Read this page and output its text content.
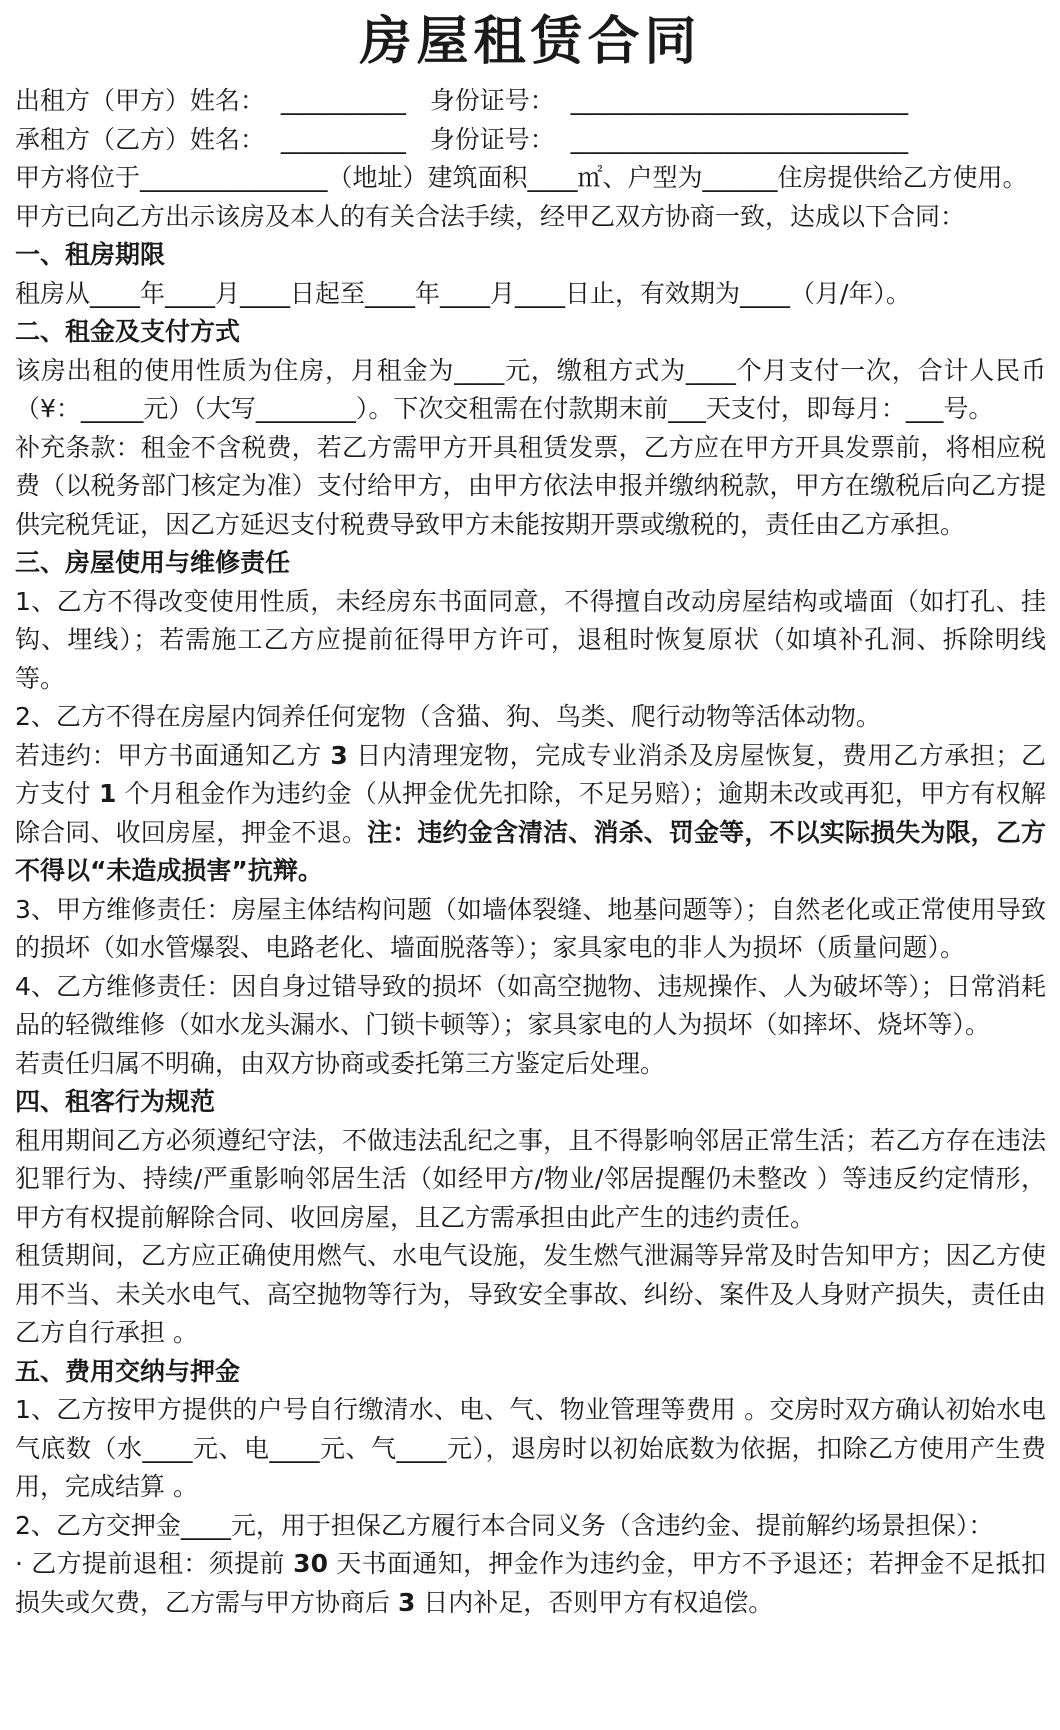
房屋租赁合同

出租方（甲方）姓名：  __________   身份证号：  ___________________________

承租方（乙方）姓名：  __________   身份证号：  ___________________________

甲方将位于_______________（地址）建筑面积____㎡、户型为______住房提供给乙方使用。

甲方已向乙方出示该房及本人的有关合法手续，经甲乙双方协商一致，达成以下合同：

一、租房期限

租房从____年____月____日起至____年____月____日止，有效期为____（月/年）。

二、租金及支付方式

该房出租的使用性质为住房，月租金为____元，缴租方式为____个月支付一次，合计人民币（¥：_____元）（大写________）。下次交租需在付款期末前___天支付，即每月：___号。

补充条款：租金不含税费，若乙方需甲方开具租赁发票，乙方应在甲方开具发票前，将相应税费（以税务部门核定为准）支付给甲方，由甲方依法申报并缴纳税款，甲方在缴税后向乙方提供完税凭证，因乙方延迟支付税费导致甲方未能按期开票或缴税的，责任由乙方承担。

三、房屋使用与维修责任

1、乙方不得改变使用性质，未经房东书面同意，不得擅自改动房屋结构或墙面（如打孔、挂钩、埋线）；若需施工乙方应提前征得甲方许可，退租时恢复原状（如填补孔洞、拆除明线等。

2、乙方不得在房屋内饲养任何宠物（含猫、狗、鸟类、爬行动物等活体动物。

若违约：甲方书面通知乙方 3 日内清理宠物，完成专业消杀及房屋恢复，费用乙方承担；乙方支付 1 个月租金作为违约金（从押金优先扣除，不足另赔）；逾期未改或再犯，甲方有权解除合同、收回房屋，押金不退。注：违约金含清洁、消杀、罚金等，不以实际损失为限，乙方不得以“未造成损害”抗辩。

3、甲方维修责任：房屋主体结构问题（如墙体裂缝、地基问题等）；自然老化或正常使用导致的损坏（如水管爆裂、电路老化、墙面脱落等）；家具家电的非人为损坏（质量问题）。

4、乙方维修责任：因自身过错导致的损坏（如高空抛物、违规操作、人为破坏等）；日常消耗品的轻微维修（如水龙头漏水、门锁卡顿等）；家具家电的人为损坏（如摔坏、烧坏等）。

若责任归属不明确，由双方协商或委托第三方鉴定后处理。

四、租客行为规范

租用期间乙方必须遵纪守法，不做违法乱纪之事，且不得影响邻居正常生活；若乙方存在违法犯罪行为、持续/严重影响邻居生活（如经甲方/物业/邻居提醒仍未整改 ）等违反约定情形，甲方有权提前解除合同、收回房屋，且乙方需承担由此产生的违约责任。

租赁期间，乙方应正确使用燃气、水电气设施，发生燃气泄漏等异常及时告知甲方；因乙方使用不当、未关水电气、高空抛物等行为，导致安全事故、纠纷、案件及人身财产损失，责任由乙方自行承担 。

五、费用交纳与押金

1、乙方按甲方提供的户号自行缴清水、电、气、物业管理等费用 。交房时双方确认初始水电气底数（水____元、电____元、气____元），退房时以初始底数为依据，扣除乙方使用产生费用，完成结算 。

2、乙方交押金____元，用于担保乙方履行本合同义务（含违约金、提前解约场景担保）：

· 乙方提前退租：须提前 30 天书面通知，押金作为违约金，甲方不予退还；若押金不足抵扣损失或欠费，乙方需与甲方协商后 3 日内补足，否则甲方有权追偿。
